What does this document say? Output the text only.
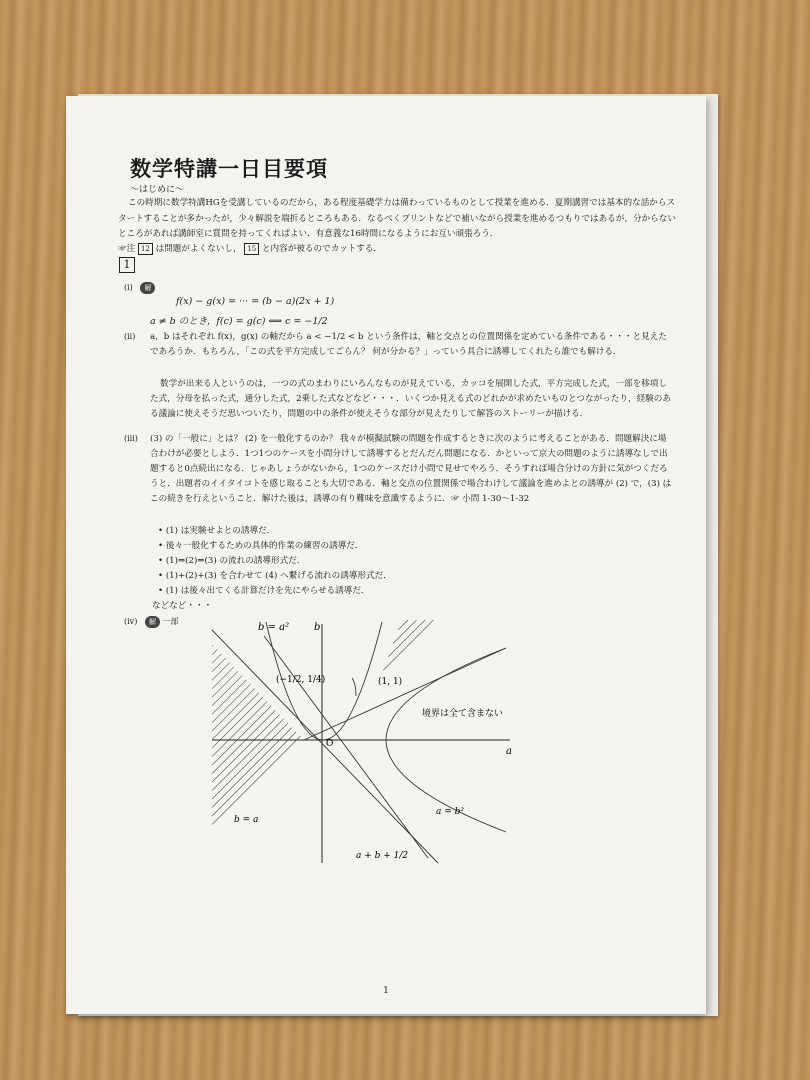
数学特講一日目要項
〜はじめに〜
この時期に数学特講HGを受講しているのだから，ある程度基礎学力は備わっているものとして授業を進める．夏期講習では基本的な話からスタートすることが多かったが，少々解説を端折るところもある．なるべくプリントなどで補いながら授業を進めるつもりではあるが，分からないところがあれば講師室に質問を持ってくれぱよい．有意義な16時間になるようにお互い頑張ろう．
☞注 12 は問題がよくないし， 15 と内容が被るのでカットする．
1
(i) 解
f(x) − g(x) = ··· = (b − a)(2x + 1)
a ≠ b のとき，f(c) = g(c) ⟺ c = −1/2
(ii) a，b はそれぞれ f(x)，g(x) の軸だから a < −1/2 < b という条件は，軸と交点との位置関係を定めている条件である・・・と見えたであろうか．もちろん，「この式を平方完成してごらん？ 何が分かる？」っていう具合に誘導してくれたら誰でも解ける．
数学が出来る人というのは，一つの式のまわりにいろんなものが見えている．カッコを展開した式，平方完成した式，一部を移項した式，分母を払った式，通分した式，2乗した式などなど・・・．いくつか見える式のどれかが求めたいものとつながったり，経験のある議論に使えそうだ思いついたり，問題の中の条件が使えそうな部分が見えたりして解答のストーリーが描ける．
(iii) (3) の「一般に」とは？ (2) を一般化するのか？ 我々が模擬試験の問題を作成するときに次のように考えることがある．問題解決に場合わけが必要としよう．1つ1つのケースを小問分けして誘導するとだんだん問題になる．かといって京大の問題のように誘導なしで出題すると0点続出になる．じゃあしょうがないから，1つのケースだけ小問で見せてやろう．そうすれば場合分けの方針に気がつくだろうと．出題者のイイタイコトを感じ取ることも大切である．軸と交点の位置関係で場合わけして議論を進めよとの誘導が (2) で，(3) はこの続きを行えということ．解けた後は，誘導の有り難味を意識するように．☞ 小問 1-30〜1-32
• (1) は実験せよとの誘導だ．
• 後々一般化するための具体的作業の練習の誘導だ．
• (1)⇒(2)⇒(3) の流れの誘導形式だ．
• (1)+(2)+(3) を合わせて (4) へ繋げる流れの誘導形式だ．
• (1) は後々出てくる計算だけを先にやらせる誘導だ．
などなど・・・
(iv) 解 一部
b = a² b
a
(−1/2, 1/4)	(1, 1)
O
境界は全て含まない
a = b²
b = a
a + b + 1/2
1
